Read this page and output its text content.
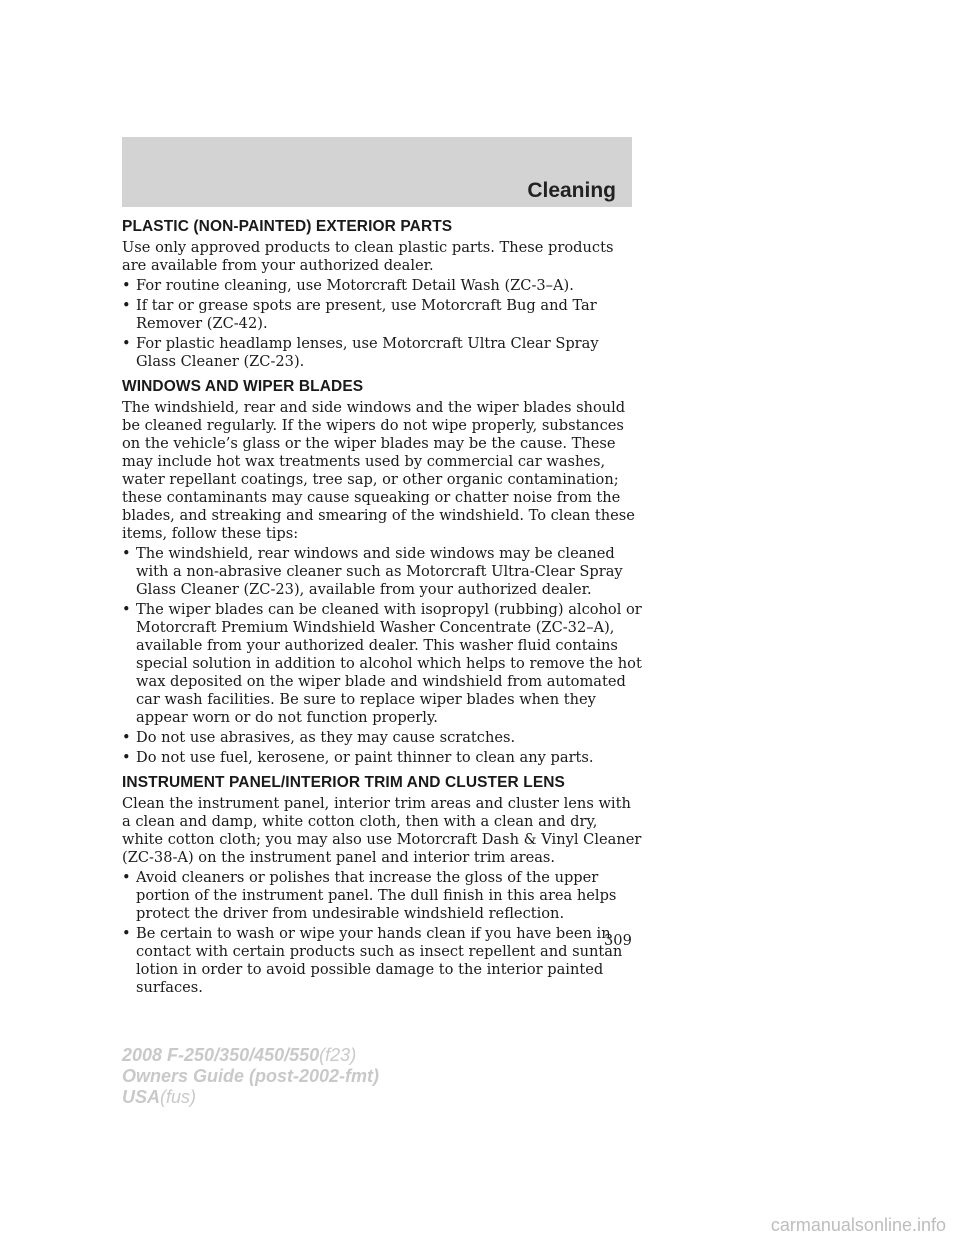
Cleaning
PLASTIC (NON-PAINTED) EXTERIOR PARTS

Use only approved products to clean plastic parts. These products are available from your authorized dealer.

• For routine cleaning, use Motorcraft Detail Wash (ZC-3–A).
• If tar or grease spots are present, use Motorcraft Bug and Tar Remover (ZC-42).
• For plastic headlamp lenses, use Motorcraft Ultra Clear Spray Glass Cleaner (ZC-23).
WINDOWS AND WIPER BLADES

The windshield, rear and side windows and the wiper blades should be cleaned regularly. If the wipers do not wipe properly, substances on the vehicle’s glass or the wiper blades may be the cause. These may include hot wax treatments used by commercial car washes, water repellant coatings, tree sap, or other organic contamination; these contaminants may cause squeaking or chatter noise from the blades, and streaking and smearing of the windshield. To clean these items, follow these tips:

• The windshield, rear windows and side windows may be cleaned with a non-abrasive cleaner such as Motorcraft Ultra-Clear Spray Glass Cleaner (ZC-23), available from your authorized dealer.
• The wiper blades can be cleaned with isopropyl (rubbing) alcohol or Motorcraft Premium Windshield Washer Concentrate (ZC-32–A), available from your authorized dealer. This washer fluid contains special solution in addition to alcohol which helps to remove the hot wax deposited on the wiper blade and windshield from automated car wash facilities. Be sure to replace wiper blades when they appear worn or do not function properly.
• Do not use abrasives, as they may cause scratches.
• Do not use fuel, kerosene, or paint thinner to clean any parts.
INSTRUMENT PANEL/INTERIOR TRIM AND CLUSTER LENS

Clean the instrument panel, interior trim areas and cluster lens with a clean and damp, white cotton cloth, then with a clean and dry, white cotton cloth; you may also use Motorcraft Dash & Vinyl Cleaner (ZC-38-A) on the instrument panel and interior trim areas.

• Avoid cleaners or polishes that increase the gloss of the upper portion of the instrument panel. The dull finish in this area helps protect the driver from undesirable windshield reflection.
• Be certain to wash or wipe your hands clean if you have been in contact with certain products such as insect repellent and suntan lotion in order to avoid possible damage to the interior painted surfaces.
309
2008 F-250/350/450/550(f23)
Owners Guide (post-2002-fmt)
USA(fus)
carmanualsonline.info
